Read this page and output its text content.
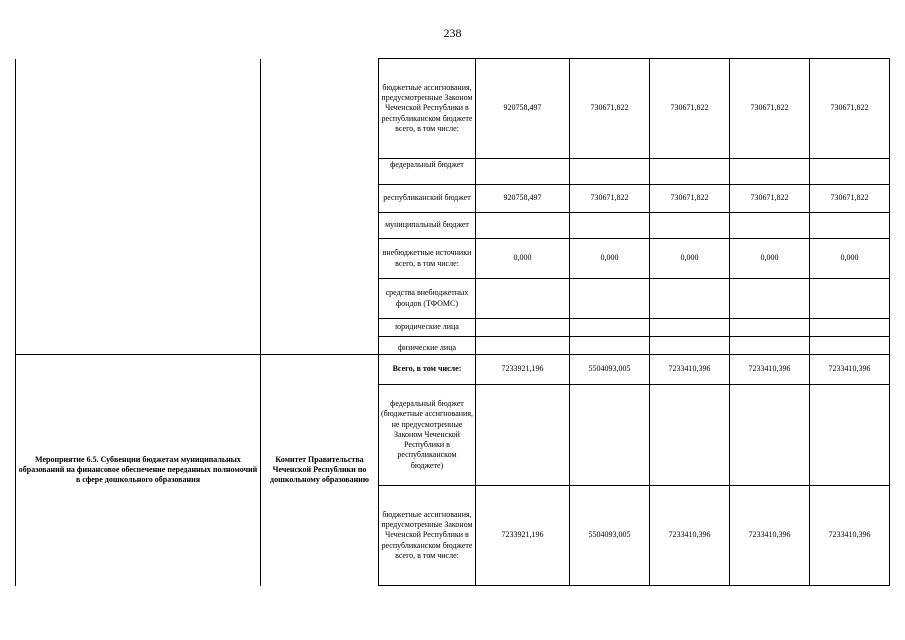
238
		бюджетные ассигнования, предусмотренные Законом Чеченской Республики в республиканском бюджете всего, в том числе:	920758,497	730671,822	730671,822	730671,822	730671,822
		федеральный бюджет					
		республиканский бюджет	920758,497	730671,822	730671,822	730671,822	730671,822
		муниципальный бюджет					
		внебюджетные источники всего, в том числе:	0,000	0,000	0,000	0,000	0,000
		средства внебюджетных фондов (ТФОМС)					
		юридические лица					
		физические лица					
Мероприятие 6.5. Субвенции бюджетам муниципальных образований на финансовое обеспечение переданных полномочий в сфере дошкольного образования	Комитет Правительства Чеченской Республики по дошкольному образованию	Всего, в том числе:	7233921,196	5504093,005	7233410,396	7233410,396	7233410,396
		федеральный бюджет (бюджетные ассигнования, не предусмотренные Законом Чеченской Республики в республиканском бюджете)					
		бюджетные ассигнования, предусмотренные Законом Чеченской Республики в республиканском бюджете всего, в том числе:	7233921,196	5504093,005	7233410,396	7233410,396	7233410,396
